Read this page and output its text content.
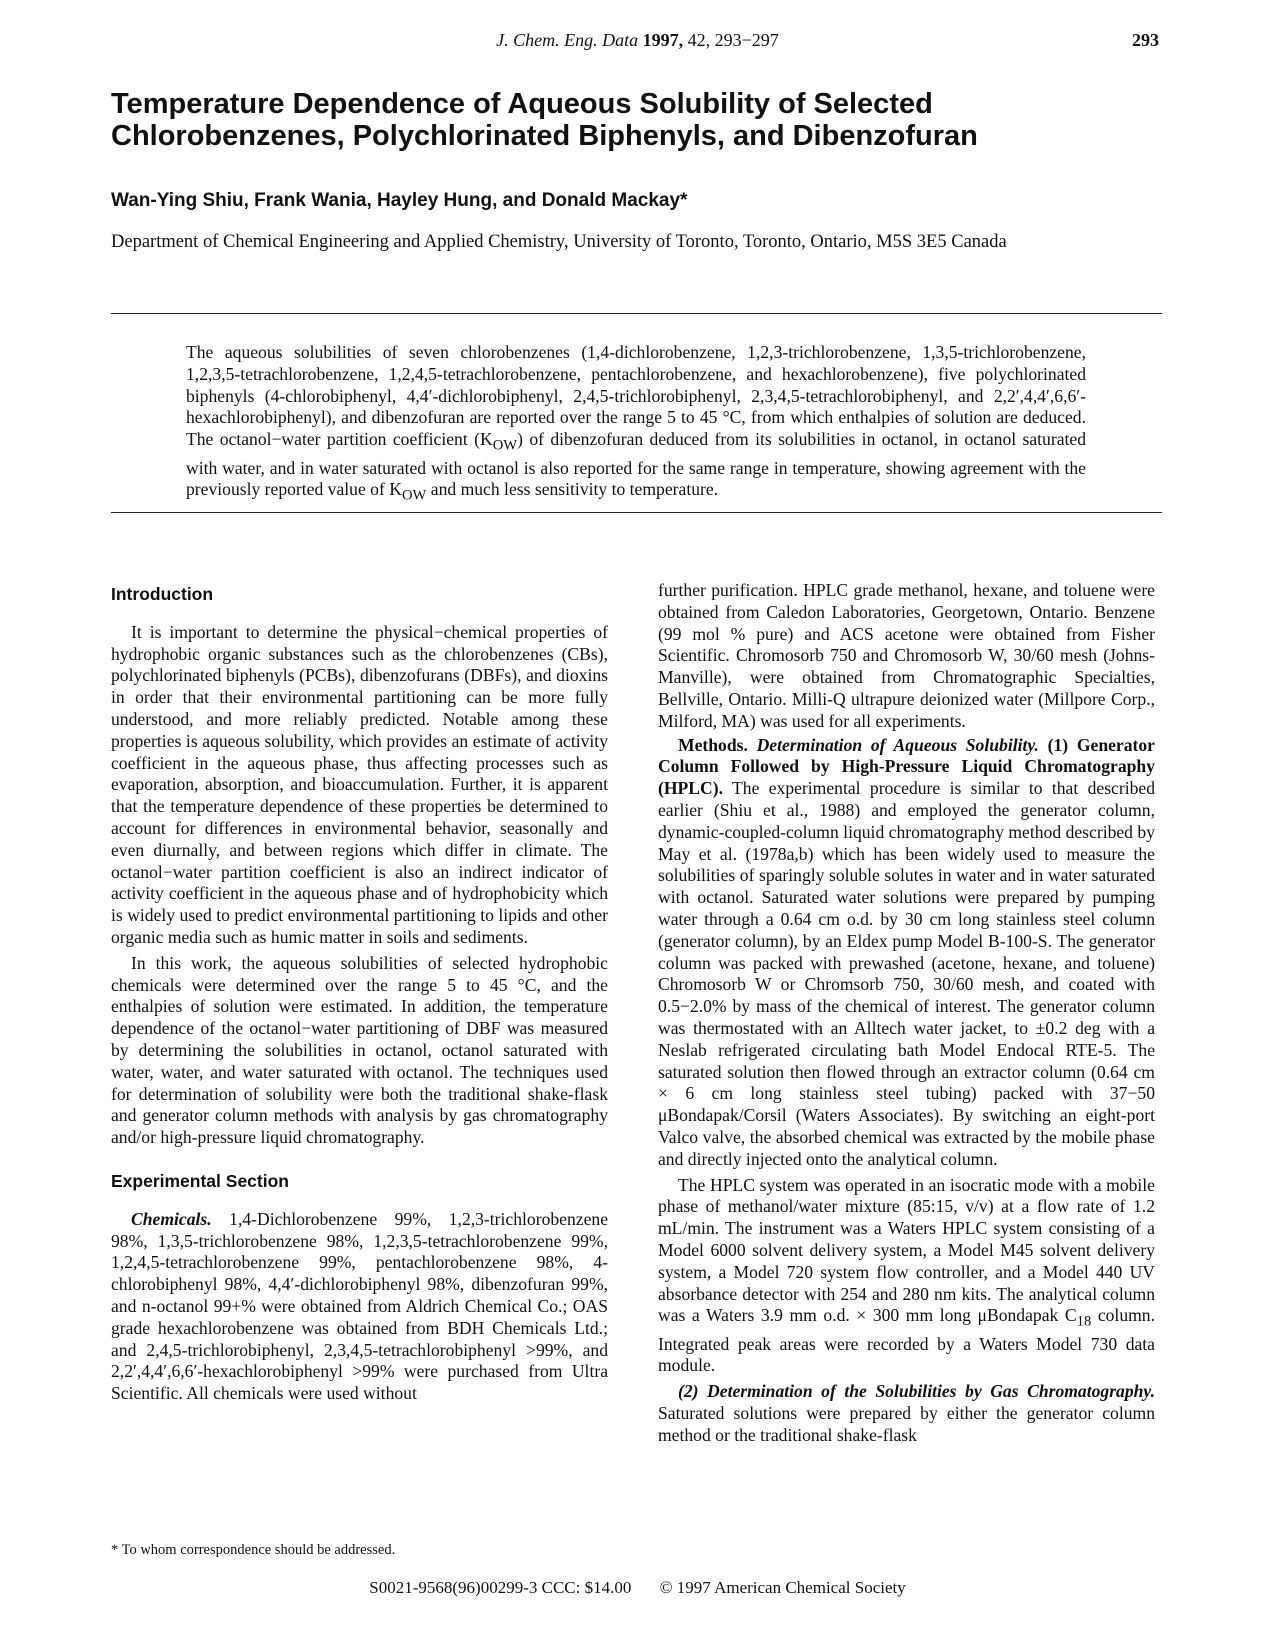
J. Chem. Eng. Data 1997, 42, 293−297	293
Temperature Dependence of Aqueous Solubility of Selected Chlorobenzenes, Polychlorinated Biphenyls, and Dibenzofuran
Wan-Ying Shiu, Frank Wania, Hayley Hung, and Donald Mackay*
Department of Chemical Engineering and Applied Chemistry, University of Toronto, Toronto, Ontario, M5S 3E5 Canada
The aqueous solubilities of seven chlorobenzenes (1,4-dichlorobenzene, 1,2,3-trichlorobenzene, 1,3,5-trichlorobenzene, 1,2,3,5-tetrachlorobenzene, 1,2,4,5-tetrachlorobenzene, pentachlorobenzene, and hexachlorobenzene), five polychlorinated biphenyls (4-chlorobiphenyl, 4,4′-dichlorobiphenyl, 2,4,5-trichlorobiphenyl, 2,3,4,5-tetrachlorobiphenyl, and 2,2′,4,4′,6,6′-hexachlorobiphenyl), and dibenzofuran are reported over the range 5 to 45 °C, from which enthalpies of solution are deduced. The octanol−water partition coefficient $(K_{OW})$ of dibenzofuran deduced from its solubilities in octanol, in octanol saturated with water, and in water saturated with octanol is also reported for the same range in temperature, showing agreement with the previously reported value of $K_{OW}$ and much less sensitivity to temperature.
Introduction

It is important to determine the physical−chemical properties of hydrophobic organic substances such as the chlorobenzenes (CBs), polychlorinated biphenyls (PCBs), dibenzofurans (DBFs), and dioxins in order that their environmental partitioning can be more fully understood, and more reliably predicted. Notable among these properties is aqueous solubility, which provides an estimate of activity coefficient in the aqueous phase, thus affecting processes such as evaporation, absorption, and bioaccumulation. Further, it is apparent that the temperature dependence of these properties be determined to account for differences in environmental behavior, seasonally and even diurnally, and between regions which differ in climate. The octanol−water partition coefficient is also an indirect indicator of activity coefficient in the aqueous phase and of hydrophobicity which is widely used to predict environmental partitioning to lipids and other organic media such as humic matter in soils and sediments.

In this work, the aqueous solubilities of selected hydrophobic chemicals were determined over the range 5 to 45 °C, and the enthalpies of solution were estimated. In addition, the temperature dependence of the octanol−water partitioning of DBF was measured by determining the solubilities in octanol, octanol saturated with water, water, and water saturated with octanol. The techniques used for determination of solubility were both the traditional shake-flask and generator column methods with analysis by gas chromatography and/or high-pressure liquid chromatography.

Experimental Section

Chemicals. 1,4-Dichlorobenzene 99%, 1,2,3-trichlorobenzene 98%, 1,3,5-trichlorobenzene 98%, 1,2,3,5-tetrachlorobenzene 99%, 1,2,4,5-tetrachlorobenzene 99%, pentachlorobenzene 98%, 4-chlorobiphenyl 98%, 4,4′-dichlorobiphenyl 98%, dibenzofuran 99%, and n-octanol 99+% were obtained from Aldrich Chemical Co.; OAS grade hexachlorobenzene was obtained from BDH Chemicals Ltd.; and 2,4,5-trichlorobiphenyl, 2,3,4,5-tetrachlorobiphenyl >99%, and 2,2′,4,4′,6,6′-hexachlorobiphenyl >99% were purchased from Ultra Scientific. All chemicals were used without

further purification. HPLC grade methanol, hexane, and toluene were obtained from Caledon Laboratories, Georgetown, Ontario. Benzene (99 mol % pure) and ACS acetone were obtained from Fisher Scientific. Chromosorb 750 and Chromosorb W, 30/60 mesh (Johns-Manville), were obtained from Chromatographic Specialties, Bellville, Ontario. Milli-Q ultrapure deionized water (Millpore Corp., Milford, MA) was used for all experiments.

Methods. Determination of Aqueous Solubility. (1) Generator Column Followed by High-Pressure Liquid Chromatography (HPLC). The experimental procedure is similar to that described earlier (Shiu et al., 1988) and employed the generator column, dynamic-coupled-column liquid chromatography method described by May et al. (1978a,b) which has been widely used to measure the solubilities of sparingly soluble solutes in water and in water saturated with octanol. Saturated water solutions were prepared by pumping water through a 0.64 cm o.d. by 30 cm long stainless steel column (generator column), by an Eldex pump Model B-100-S. The generator column was packed with prewashed (acetone, hexane, and toluene) Chromosorb W or Chromsorb 750, 30/60 mesh, and coated with 0.5−2.0% by mass of the chemical of interest. The generator column was thermostated with an Alltech water jacket, to ±0.2 deg with a Neslab refrigerated circulating bath Model Endocal RTE-5. The saturated solution then flowed through an extractor column (0.64 cm × 6 cm long stainless steel tubing) packed with 37−50 μBondapak/Corsil (Waters Associates). By switching an eight-port Valco valve, the absorbed chemical was extracted by the mobile phase and directly injected onto the analytical column.

The HPLC system was operated in an isocratic mode with a mobile phase of methanol/water mixture (85:15, v/v) at a flow rate of 1.2 mL/min. The instrument was a Waters HPLC system consisting of a Model 6000 solvent delivery system, a Model M45 solvent delivery system, a Model 720 system flow controller, and a Model 440 UV absorbance detector with 254 and 280 nm kits. The analytical column was a Waters 3.9 mm o.d. × 300 mm long μBondapak $C_{18}$ column. Integrated peak areas were recorded by a Waters Model 730 data module.

(2) Determination of the Solubilities by Gas Chromatography. Saturated solutions were prepared by either the generator column method or the traditional shake-flask

* To whom correspondence should be addressed.
S0021-9568(96)00299-3 CCC: $14.00 © 1997 American Chemical Society
